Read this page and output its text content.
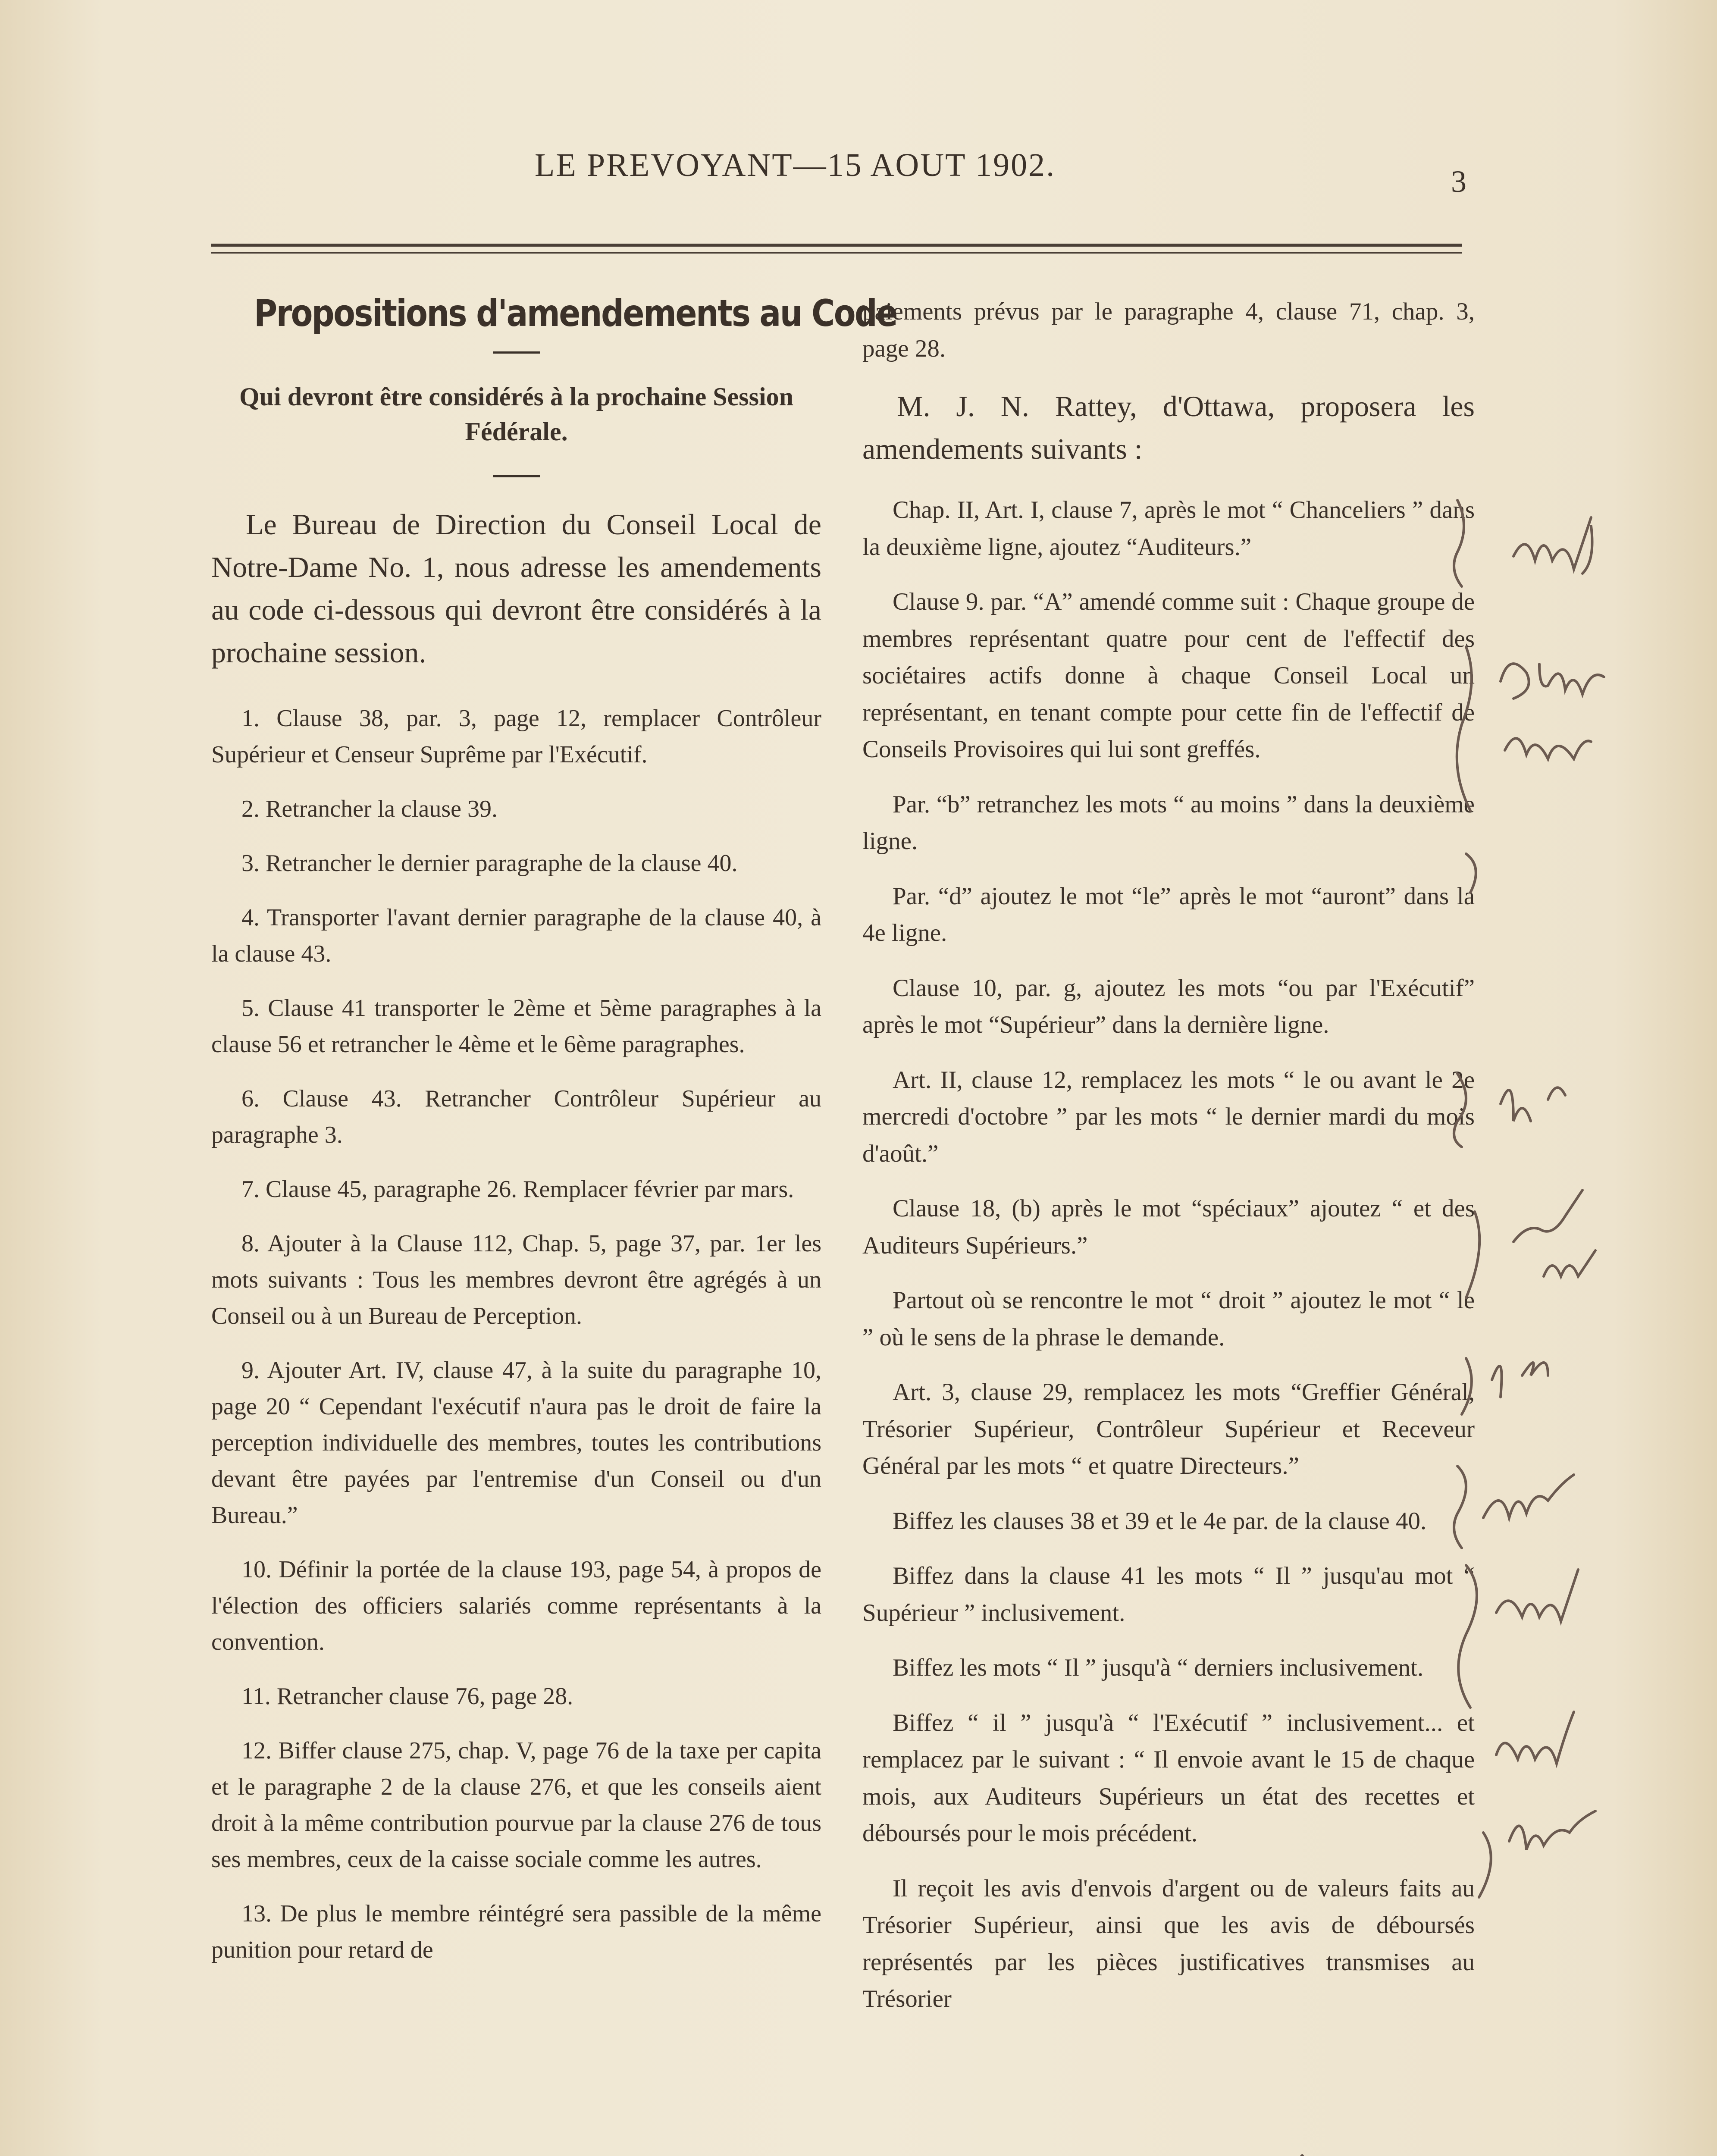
LE PREVOYANT—15 AOUT 1902.	3
Propositions d'amendements au Code

Qui devront être considérés à la prochaine Session Fédérale.

Le Bureau de Direction du Conseil Local de Notre-Dame No. 1, nous adresse les amendements au code ci-dessous qui devront être considérés à la prochaine session.

1. Clause 38, par. 3, page 12, remplacer Contrôleur Supérieur et Censeur Suprême par l'Exécutif.

2. Retrancher la clause 39.

3. Retrancher le dernier paragraphe de la clause 40.

4. Transporter l'avant dernier paragraphe de la clause 40, à la clause 43.

5. Clause 41 transporter le 2ème et 5ème paragraphes à la clause 56 et retrancher le 4ème et le 6ème paragraphes.

6. Clause 43. Retrancher Contrôleur Supérieur au paragraphe 3.

7. Clause 45, paragraphe 26. Remplacer février par mars.

8. Ajouter à la Clause 112, Chap. 5, page 37, par. 1er les mots suivants : Tous les membres devront être agrégés à un Conseil ou à un Bureau de Perception.

9. Ajouter Art. IV, clause 47, à la suite du paragraphe 10, page 20 “ Cependant l'exécutif n'aura pas le droit de faire la perception individuelle des membres, toutes les contributions devant être payées par l'entremise d'un Conseil ou d'un Bureau.”

10. Définir la portée de la clause 193, page 54, à propos de l'élection des officiers salariés comme représentants à la convention.

11. Retrancher clause 76, page 28.

12. Biffer clause 275, chap. V, page 76 de la taxe per capita et le paragraphe 2 de la clause 276, et que les conseils aient droit à la même contribution pourvue par la clause 276 de tous ses membres, ceux de la caisse sociale comme les autres.

13. De plus le membre réintégré sera passible de la même punition pour retard de

paiements prévus par le paragraphe 4, clause 71, chap. 3, page 28.

M. J. N. Rattey, d'Ottawa, proposera les amendements suivants :

Chap. II, Art. I, clause 7, après le mot “ Chanceliers ” dans la deuxième ligne, ajoutez “Auditeurs.”

Clause 9. par. “A” amendé comme suit : Chaque groupe de membres représentant quatre pour cent de l'effectif des sociétaires actifs donne à chaque Conseil Local un représentant, en tenant compte pour cette fin de l'effectif de Conseils Provisoires qui lui sont greffés.

Par. “b” retranchez les mots “ au moins ” dans la deuxième ligne.

Par. “d” ajoutez le mot “le” après le mot “auront” dans la 4e ligne.

Clause 10, par. g, ajoutez les mots “ou par l'Exécutif” après le mot “Supérieur” dans la dernière ligne.

Art. II, clause 12, remplacez les mots “ le ou avant le 2e mercredi d'octobre ” par les mots “ le dernier mardi du mois d'août.”

Clause 18, (b) après le mot “spéciaux” ajoutez “ et des Auditeurs Supérieurs.”

Partout où se rencontre le mot “ droit ” ajoutez le mot “ le ” où le sens de la phrase le demande.

Art. 3, clause 29, remplacez les mots “Greffier Général, Trésorier Supérieur, Contrôleur Supérieur et Receveur Général par les mots “ et quatre Directeurs.”

Biffez les clauses 38 et 39 et le 4e par. de la clause 40.

Biffez dans la clause 41 les mots “ Il ” jusqu'au mot “ Supérieur ” inclusivement.

Biffez les mots “ Il ” jusqu'à “ derniers inclusivement.

Biffez “ il ” jusqu'à “ l'Exécutif ” inclusivement... et remplacez par le suivant : “ Il envoie avant le 15 de chaque mois, aux Auditeurs Supérieurs un état des recettes et déboursés pour le mois précédent.

Il reçoit les avis d'envois d'argent ou de valeurs faits au Trésorier Supérieur, ainsi que les avis de déboursés représentés par les pièces justificatives transmises au Trésorier
